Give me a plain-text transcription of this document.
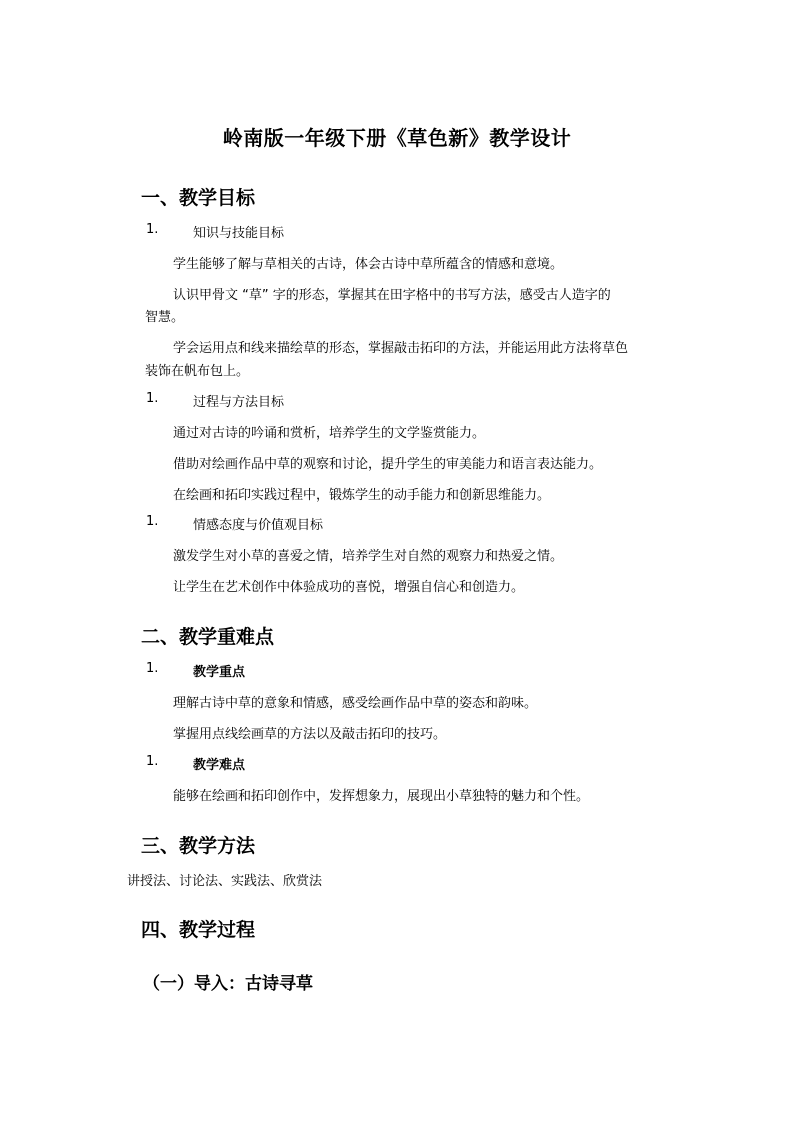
岭南版一年级下册《草色新》教学设计
一、教学目标
1.	知识与技能目标
学生能够了解与草相关的古诗，体会古诗中草所蕴含的情感和意境。
认识甲骨文 “草” 字的形态，掌握其在田字格中的书写方法，感受古人造字的
智慧。
学会运用点和线来描绘草的形态，掌握敲击拓印的方法，并能运用此方法将草色
装饰在帆布包上。
1.	过程与方法目标
通过对古诗的吟诵和赏析，培养学生的文学鉴赏能力。
借助对绘画作品中草的观察和讨论，提升学生的审美能力和语言表达能力。
在绘画和拓印实践过程中，锻炼学生的动手能力和创新思维能力。
1.	情感态度与价值观目标
激发学生对小草的喜爱之情，培养学生对自然的观察力和热爱之情。
让学生在艺术创作中体验成功的喜悦，增强自信心和创造力。
二、教学重难点
1.	教学重点
理解古诗中草的意象和情感，感受绘画作品中草的姿态和韵味。
掌握用点线绘画草的方法以及敲击拓印的技巧。
1.	教学难点
能够在绘画和拓印创作中，发挥想象力，展现出小草独特的魅力和个性。
三、教学方法
讲授法、讨论法、实践法、欣赏法
四、教学过程
（一）导入：古诗寻草
